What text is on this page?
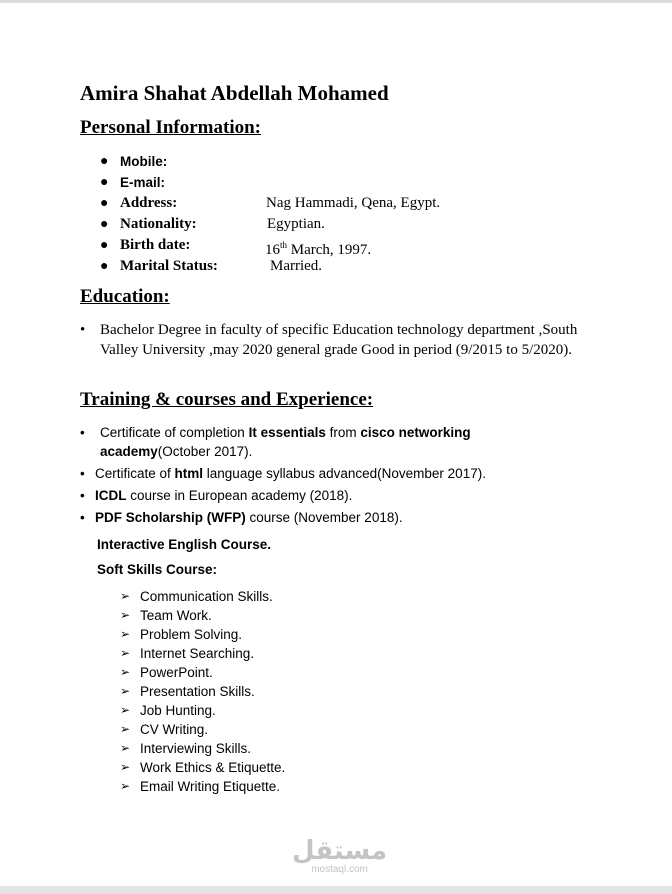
Amira Shahat Abdellah Mohamed
Personal Information:
● Mobile:
● E-mail:
● Address:	Nag Hammadi, Qena, Egypt.
● Nationality:	Egyptian.
● Birth date:	16th March, 1997.
● Marital Status:	Married.
Education:
• Bachelor Degree in faculty of specific Education technology department ,South Valley University ,may 2020 general grade Good in period (9/2015 to 5/2020).
Training & courses and Experience:
• Certificate of completion It essentials from cisco networking academy(October 2017).
• Certificate of html language syllabus advanced(November 2017).
• ICDL course in European academy (2018).
• PDF Scholarship (WFP) course (November 2018).
Interactive English Course.
Soft Skills Course:
➢ Communication Skills.
➢ Team Work.
➢ Problem Solving.
➢ Internet Searching.
➢ PowerPoint.
➢ Presentation Skills.
➢ Job Hunting.
➢ CV Writing.
➢ Interviewing Skills.
➢ Work Ethics & Etiquette.
➢ Email Writing Etiquette.
مستقل
mostaql.com
